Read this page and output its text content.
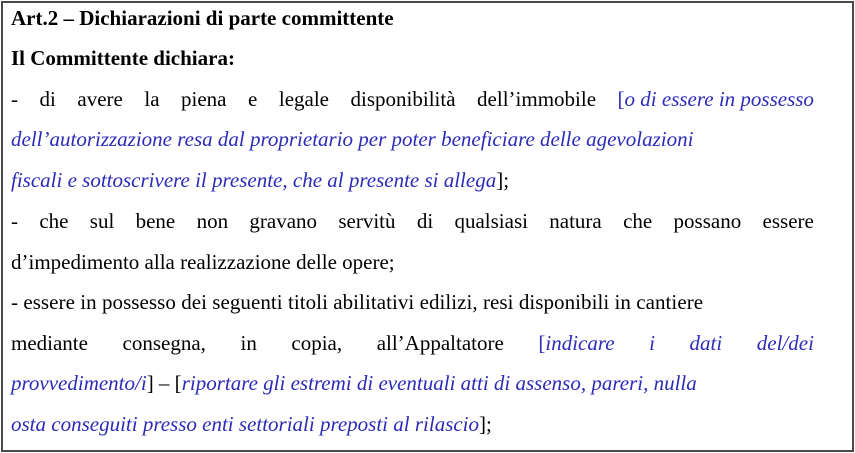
Art.2 – Dichiarazioni di parte committente
Il Committente dichiara:
- di avere la piena e legale disponibilità dell’immobile [o di essere in possesso
dell’autorizzazione resa dal proprietario per poter beneficiare delle agevolazioni
fiscali e sottoscrivere il presente, che al presente si allega];
- che sul bene non gravano servitù di qualsiasi natura che possano essere
d’impedimento alla realizzazione delle opere;
- essere in possesso dei seguenti titoli abilitativi edilizi, resi disponibili in cantiere
mediante consegna, in copia, all’Appaltatore [indicare i dati del/dei
provvedimento/i] – [riportare gli estremi di eventuali atti di assenso, pareri, nulla
osta conseguiti presso enti settoriali preposti al rilascio];
